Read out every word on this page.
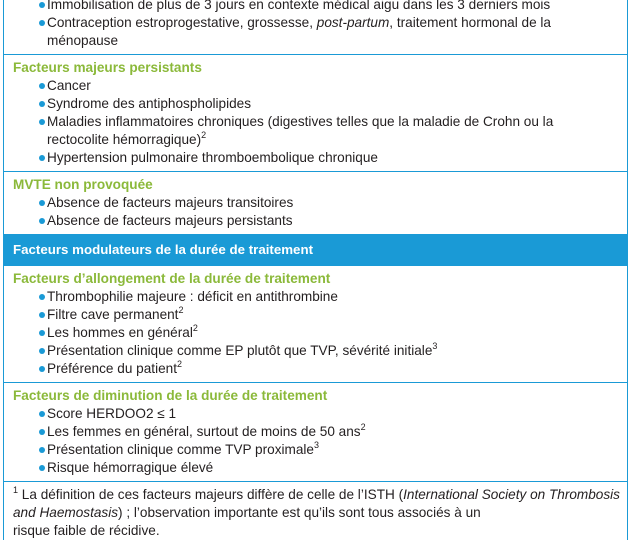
Immobilisation de plus de 3 jours en contexte médical aigu dans les 3 derniers mois
Contraception estroprogestative, grossesse, post-partum, traitement hormonal de la
ménopause

Facteurs majeurs persistants

Cancer
Syndrome des antiphospholipides
Maladies inflammatoires chroniques (digestives telles que la maladie de Crohn ou la
rectocolite hémorragique)$^2$
Hypertension pulmonaire thromboembolique chronique

MVTE non provoquée

Absence de facteurs majeurs transitoires
Absence de facteurs majeurs persistants
Facteurs modulateurs de la durée de traitement

Facteurs d’allongement de la durée de traitement

Thrombophilie majeure : déficit en antithrombine
Filtre cave permanent$^2$
Les hommes en général$^2$
Présentation clinique comme EP plutôt que TVP, sévérité initiale$^3$
Préférence du patient$^2$

Facteurs de diminution de la durée de traitement

Score HERDOO2 ≤ 1
Les femmes en général, surtout de moins de 50 ans$^2$
Présentation clinique comme TVP proximale$^3$
Risque hémorragique élevé
$^1$ La définition de ces facteurs majeurs diffère de celle de l’ISTH (International Society on Thrombosis and Haemostasis) ; l’observation importante est qu’ils sont tous associés à un
risque faible de récidive.
